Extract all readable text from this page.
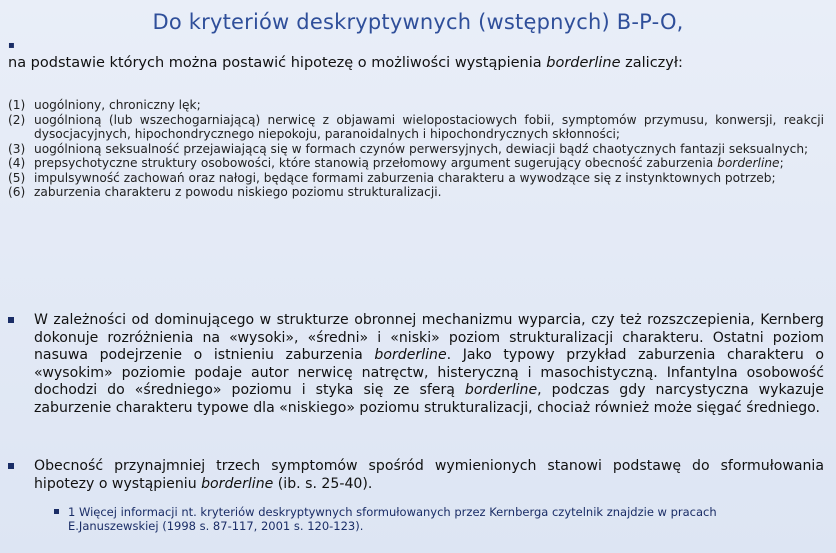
Do kryteriów deskryptywnych (wstępnych) B-P-O,
▪
na podstawie których można postawić hipotezę o możliwości wystąpienia borderline zaliczył:
(1) uogólniony, chroniczny lęk;
(2) uogólnioną (lub wszechogarniającą) nerwicę z objawami wielopostaciowych fobii, symptomów przymusu, konwersji, reakcji dysocjacyjnych, hipochondrycznego niepokoju, paranoidalnych i hipochondrycznych skłonności;
(3) uogólnioną seksualność przejawiającą się w formach czynów perwersyjnych, dewiacji bądź chaotycznych fantazji seksualnych;
(4) prepsychotyczne struktury osobowości, które stanowią przełomowy argument sugerujący obecność zaburzenia borderline;
(5) impulsywność zachowań oraz nałogi, będące formami zaburzenia charakteru a wywodzące się z instynktownych potrzeb;
(6) zaburzenia charakteru z powodu niskiego poziomu strukturalizacji.
W zależności od dominującego w strukturze obronnej mechanizmu wyparcia, czy też rozszczepienia, Kernberg dokonuje rozróżnienia na «wysoki», «średni» i «niski» poziom strukturalizacji charakteru. Ostatni poziom nasuwa podejrzenie o istnieniu zaburzenia borderline. Jako typowy przykład zaburzenia charakteru o «wysokim» poziomie podaje autor nerwicę natręctw, histeryczną i masochistyczną. Infantylna osobowość dochodzi do «średniego» poziomu i styka się ze sferą borderline, podczas gdy narcystyczna wykazuje zaburzenie charakteru typowe dla «niskiego» poziomu strukturalizacji, chociaż również może sięgać średniego.
Obecność przynajmniej trzech symptomów spośród wymienionych stanowi podstawę do sformułowania hipotezy o wystąpieniu borderline (ib. s. 25-40).
1 Więcej informacji nt. kryteriów deskryptywnych sformułowanych przez Kernberga czytelnik znajdzie w pracach E.Januszewskiej (1998 s. 87-117, 2001 s. 120-123).
